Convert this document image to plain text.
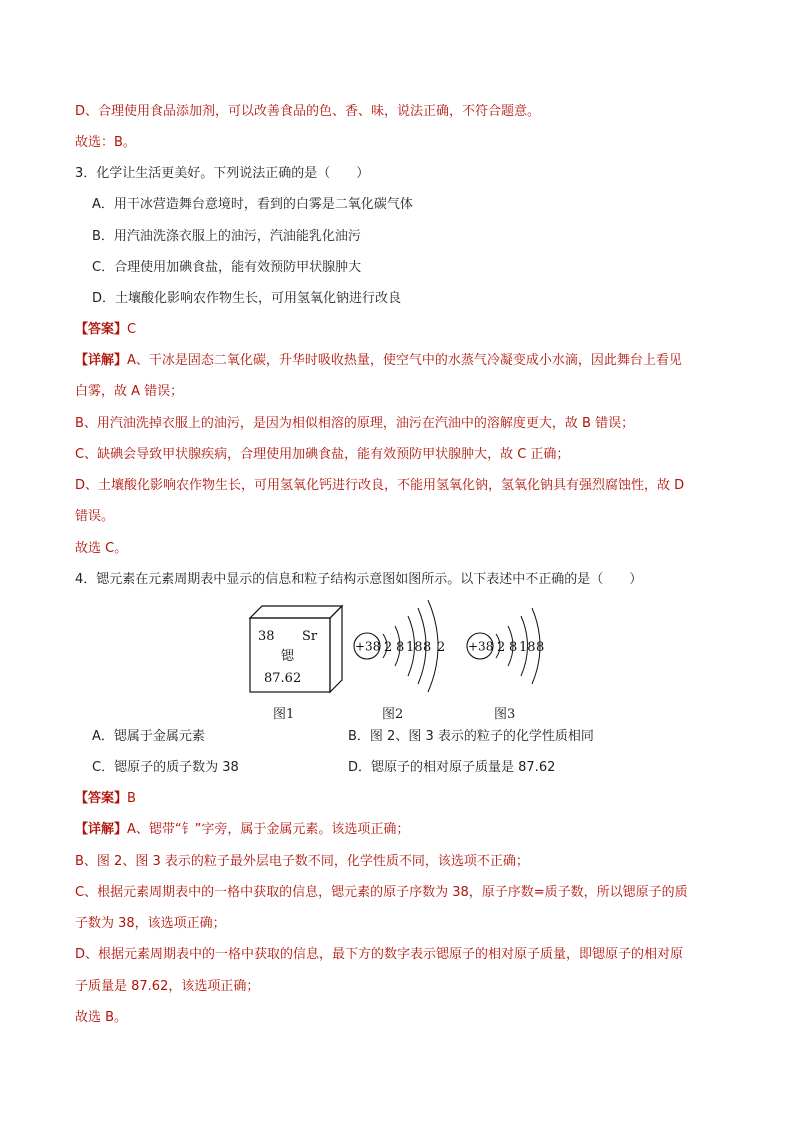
D、合理使用食品添加剂，可以改善食品的色、香、味，说法正确，不符合题意。
故选：B。
3．化学让生活更美好。下列说法正确的是（　　）
A．用干冰营造舞台意境时，看到的白雾是二氧化碳气体
B．用汽油洗涤衣服上的油污，汽油能乳化油污
C．合理使用加碘食盐，能有效预防甲状腺肿大
D．土壤酸化影响农作物生长，可用氢氧化钠进行改良
【答案】C
【详解】A、干冰是固态二氧化碳，升华时吸收热量，使空气中的水蒸气冷凝变成小水滴，因此舞台上看见
白雾，故 A 错误；
B、用汽油洗掉衣服上的油污，是因为相似相溶的原理，油污在汽油中的溶解度更大，故 B 错误；
C、缺碘会导致甲状腺疾病，合理使用加碘食盐，能有效预防甲状腺肿大，故 C 正确；
D、土壤酸化影响农作物生长，可用氢氧化钙进行改良，不能用氢氧化钠，氢氧化钠具有强烈腐蚀性，故 D
错误。
故选 C。
4．锶元素在元素周期表中显示的信息和粒子结构示意图如图所示。以下表述中不正确的是（　　）
38 Sr
锶
87.62
图1
+38 2 8 18 8 2
图2
+38 2 8 18 8
图3
A．锶属于金属元素	B．图 2、图 3 表示的粒子的化学性质相同
C．锶原子的质子数为 38	D．锶原子的相对原子质量是 87.62
【答案】B
【详解】A、锶带“钅”字旁，属于金属元素。该选项正确；
B、图 2、图 3 表示的粒子最外层电子数不同，化学性质不同，该选项不正确；
C、根据元素周期表中的一格中获取的信息，锶元素的原子序数为 38，原子序数=质子数，所以锶原子的质
子数为 38，该选项正确；
D、根据元素周期表中的一格中获取的信息，最下方的数字表示锶原子的相对原子质量，即锶原子的相对原
子质量是 87.62，该选项正确；
故选 B。
